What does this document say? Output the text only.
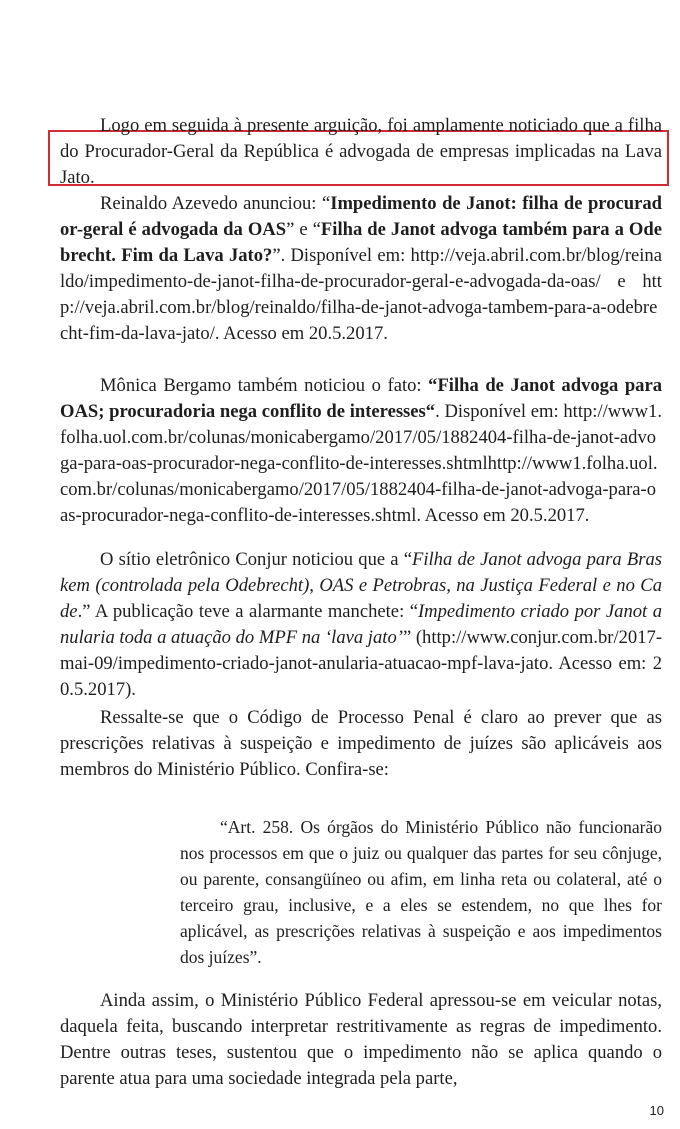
Logo em seguida à presente arguição, foi amplamente noticiado que a filha do Procurador-Geral da República é advogada de empresas implicadas na Lava Jato.

Reinaldo Azevedo anunciou: “Impedimento de Janot: filha de procurador-geral é advogada da OAS” e “Filha de Janot advoga também para a Odebrecht. Fim da Lava Jato?”. Disponível em: http://veja.abril.com.br/blog/reinaldo/impedimento-de-janot-filha-de-procurador-geral-e-advogada-da-oas/ e http://veja.abril.com.br/blog/reinaldo/filha-de-janot-advoga-tambem-para-a-odebrecht-fim-da-lava-jato/. Acesso em 20.5.2017.

Mônica Bergamo também noticiou o fato: “Filha de Janot advoga para OAS; procuradoria nega conflito de interesses“. Disponível em: http://www1.folha.uol.com.br/colunas/monicabergamo/2017/05/1882404-filha-de-janot-advoga-para-oas-procurador-nega-conflito-de-interesses.shtmlhttp://www1.folha.uol.com.br/colunas/monicabergamo/2017/05/1882404-filha-de-janot-advoga-para-oas-procurador-nega-conflito-de-interesses.shtml. Acesso em 20.5.2017.

O sítio eletrônico Conjur noticiou que a “Filha de Janot advoga para Braskem (controlada pela Odebrecht), OAS e Petrobras, na Justiça Federal e no Cade.” A publicação teve a alarmante manchete: “Impedimento criado por Janot anularia toda a atuação do MPF na ‘lava jato’” (http://www.conjur.com.br/2017-mai-09/impedimento-criado-janot-anularia-atuacao-mpf-lava-jato. Acesso em: 20.5.2017).

Ressalte-se que o Código de Processo Penal é claro ao prever que as prescrições relativas à suspeição e impedimento de juízes são aplicáveis aos membros do Ministério Público. Confira-se:

“Art. 258. Os órgãos do Ministério Público não funcionarão nos processos em que o juiz ou qualquer das partes for seu cônjuge, ou parente, consangüíneo ou afim, em linha reta ou colateral, até o terceiro grau, inclusive, e a eles se estendem, no que lhes for aplicável, as prescrições relativas à suspeição e aos impedimentos dos juízes”.

Ainda assim, o Ministério Público Federal apressou-se em veicular notas, daquela feita, buscando interpretar restritivamente as regras de impedimento. Dentre outras teses, sustentou que o impedimento não se aplica quando o parente atua para uma sociedade integrada pela parte,

10
